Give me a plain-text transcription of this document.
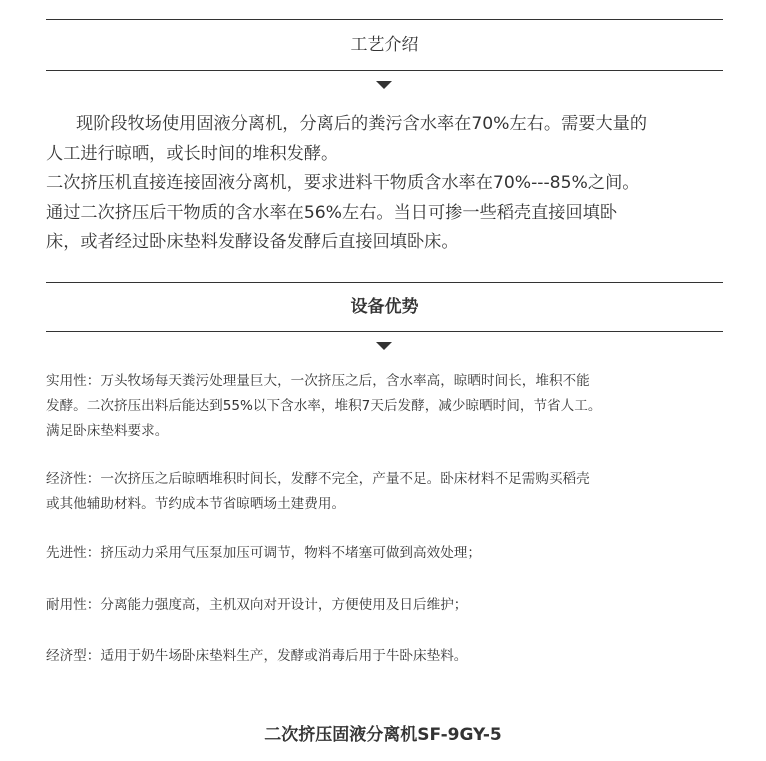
工艺介绍

现阶段牧场使用固液分离机，分离后的粪污含水率在70%左右。需要大量的

人工进行晾晒，或长时间的堆积发酵。

二次挤压机直接连接固液分离机，要求进料干物质含水率在70%---85%之间。

通过二次挤压后干物质的含水率在56%左右。当日可掺一些稻壳直接回填卧

床，或者经过卧床垫料发酵设备发酵后直接回填卧床。

设备优势
实用性：万头牧场每天粪污处理量巨大，一次挤压之后，含水率高，晾晒时间长，堆积不能
发酵。二次挤压出料后能达到55%以下含水率，堆积7天后发酵，减少晾晒时间，节省人工。
满足卧床垫料要求。
经济性：一次挤压之后晾晒堆积时间长，发酵不完全，产量不足。卧床材料不足需购买稻壳
或其他辅助材料。节约成本节省晾晒场土建费用。
先进性：挤压动力采用气压泵加压可调节，物料不堵塞可做到高效处理；
耐用性：分离能力强度高，主机双向对开设计，方便使用及日后维护；
经济型：适用于奶牛场卧床垫料生产，发酵或消毒后用于牛卧床垫料。
二次挤压固液分离机SF-9GY-5
